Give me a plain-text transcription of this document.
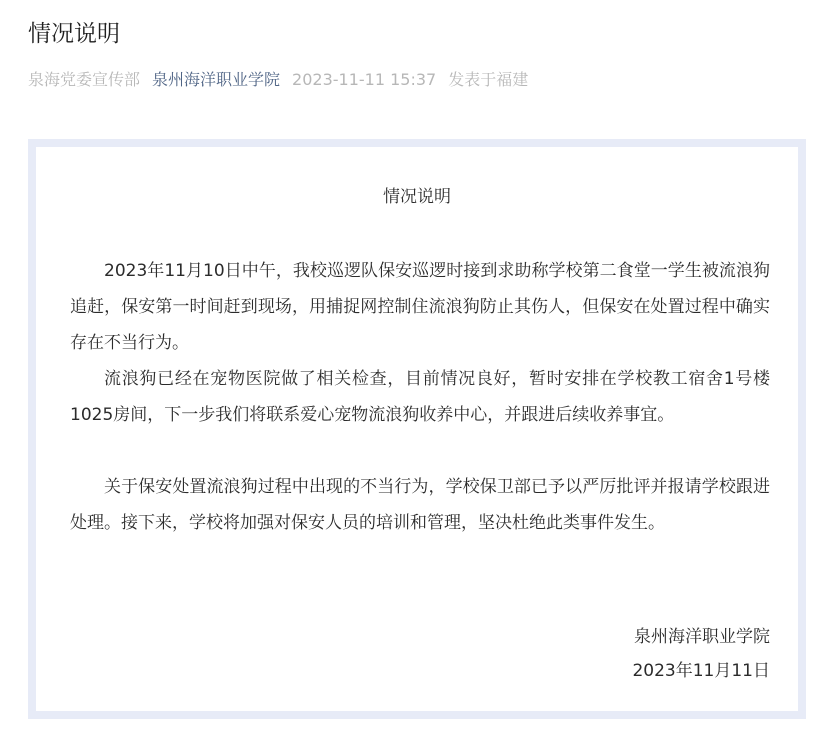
情况说明
泉海党委宣传部 泉州海洋职业学院 2023-11-11 15:37 发表于福建
情况说明

2023年11月10日中午，我校巡逻队保安巡逻时接到求助称学校第二食堂一学生被流浪狗追赶，保安第一时间赶到现场，用捕捉网控制住流浪狗防止其伤人，但保安在处置过程中确实存在不当行为。

流浪狗已经在宠物医院做了相关检查，目前情况良好，暂时安排在学校教工宿舍1号楼1025房间，下一步我们将联系爱心宠物流浪狗收养中心，并跟进后续收养事宜。

关于保安处置流浪狗过程中出现的不当行为，学校保卫部已予以严厉批评并报请学校跟进处理。接下来，学校将加强对保安人员的培训和管理，坚决杜绝此类事件发生。

泉州海洋职业学院
2023年11月11日
